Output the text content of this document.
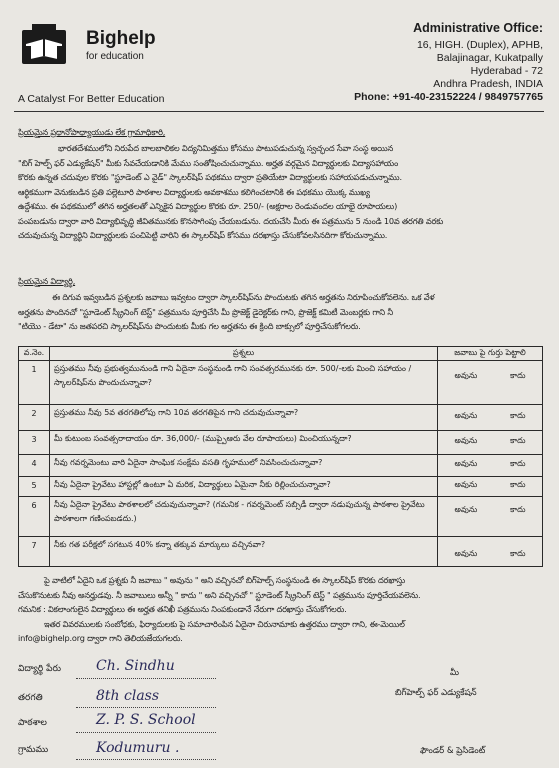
Bighelp
for education
A Catalyst For Better Education
Administrative Office:
16, HIGH. (Duplex), APHB,
Balajinagar, Kukatpally
Hyderabad - 72
Andhra Pradesh, INDIA
Phone: +91-40-23152224 / 9849757765
ప్రియమైన ప్రధానోపాధ్యాయుడు లేక గ్రామాధికారి,
భారతదేశములోని నిరుపేద బాలబాలికల విద్యనిమిత్తము కోసము పాటుపడుచున్న స్వచ్ఛంద సేవా సంస్థ అయిన
"బిగ్ హెల్ప్ ఫర్ ఎడ్యుకేషన్" మీకు సేవచేయడానికి మేము సంతోషించుచున్నాము. అర్హత వర్గమైన విద్యార్థులకు విద్యాసహాయం
కొరకు ఉన్నత చదువుల కొరకు "స్టూడెంట్ ఎ వైడ్" స్కాలర్‌షిప్ పథకము ద్వారా ప్రతియేటా విద్యార్థులకు సహాయపడుచున్నాము.
ఆర్థికముగా వెనుకబడిన ప్రతి పల్లెటూరి పాఠశాల విద్యార్థులకు అవకాశము కలిగించటానికి ఈ పథకము యొక్క ముఖ్య
ఉద్దేశము. ఈ పథకములో తగిన అర్హతలతో ఎన్నికైన విద్యార్థుల కొరకు రూ. 250/- (అక్షరాల రెండువందల యాభై రూపాయలు)
పంపబడును ద్వారా వారి విద్యాభివృద్ధి జీవితమునకు కొనసాగింపు చేయబడును. దయచేసి మీరు ఈ పత్రమును 5 నుండి 10వ తరగతి వరకు
చదువుచున్న విద్యార్థిని విద్యార్థులకు పంచిపెట్టి వారిని ఈ స్కాలర్‌షిప్ కోసము దరఖాస్తు చేసుకోవలసినదిగా కోరుచున్నాము.
ప్రియమైన విద్యార్థి,
ఈ దిగువ ఇవ్వబడిన ప్రశ్నలకు జవాబు ఇవ్వటం ద్వారా స్కాలర్‌షిప్‌ను పొందుటకు తగిన అర్హతను నిరూపించుకోవలెను. ఒక వేళ
అర్హతను పొందినచో "స్టూడెంట్ స్క్రీనింగ్ టెస్ట్" పత్రమును పూర్తిచేసి మీ ప్రొజెక్ట్ డైరెక్టర్‌కు గాని, ప్రొజెక్ట్ కమిటీ మెంబర్లకు గాని నీ
"టియొ - డేటా" ను జతపరచి స్కాలర్‌షిప్‌ను పొందుటకు మీకు గల అర్హతను ఈ క్రింది బాక్సులో పూర్తిచేసుకోగలరు.
వ.నెం.	ప్రశ్నలు	జవాబు పై గుర్తు పెట్టాలి
1	ప్రస్తుతము నీవు ప్రభుత్వమునుండి గాని ఏదైనా సంస్థనుండి గాని సంవత్సరమునకు రూ. 500/-లకు మించి సహాయం / స్కాలర్‌షిప్‌ను పొందుచున్నావా?	అవును కాదు

2	ప్రస్తుతము నీవు 5వ తరగతిలోపు గాని 10వ తరగతిపైన గాని చదువుచున్నావా?	అవును కాదు

3	మీ కుటుంబ సంవత్సరాదాయం రూ. 36,000/- (ముప్పైఆరు వేల రూపాయలు) మించియున్నదా?	అవును కాదు

4	నీవు గవర్నమెంటు వారి ఏదైనా సాంఘిక సంక్షేమ వసతి గృహములో నివసించుచున్నావా?	అవును కాదు

5	నీవు ఏదైనా ప్రైవేటు హాస్టల్లో ఉంటూ ఏ మరిక, విద్యార్థులు ఏమైనా నీకు రిల్లించుచున్నావా?	అవును కాదు

6	నీవు ఏదైనా ప్రైవేటు పాఠశాలలో చదువుచున్నావా? (గమనిక - గవర్నమెంట్ సబ్సిడీ ద్వారా నడుపుచున్న పాఠశాల ప్రైవేటు పాఠశాలగా గణింపబడదు.)	అవును కాదు

7	నీకు గత పరీక్షలో సగటున 40% కన్నా తక్కువ మార్కులు వచ్చినవా?	అవును కాదు
పై వాటిలో ఏదైని ఒక ప్రశ్నకు నీ జవాబు " అవును " అని వచ్చినచో బిగ్‌హెల్ప్ సంస్థనుండి ఈ స్కాలర్‌షిప్ కొరకు దరఖాస్తు
చేసుకొనుటకు నీవు అనర్హుడవు. నీ జవాబులు అన్నీ " కాదు " అని వచ్చినచో " స్టూడెంట్ స్క్రీనింగ్ టెస్ట్ " పత్రమును పూర్తిచేయవలెను.
గమనిక : వికలాంగులైన విద్యార్థులు ఈ అర్హత తనిఖీ పత్రమును నింపకుండానే నేరుగా దరఖాస్తు చేసుకోగలరు.
ఇతర వివరములకు సంబోధకు, ఫిర్యాదులకు పై సమాచారింపిన ఏదైనా చిరునామాకు ఉత్తరము ద్వారా గాని, ఈ-మెయిల్
info@bighelp.org ద్వారా గాని తెలియజేయగలరు.
విద్యార్థి పేరు	Ch. Sindhu
తరగతి	8th class
పాఠశాల	Z. P. S. School
గ్రామము	Kodumuru .
మీ
బిగ్‌హెల్ప్ ఫర్ ఎడ్యుకేషన్
ఫౌండర్ & ప్రెసిడెంట్
